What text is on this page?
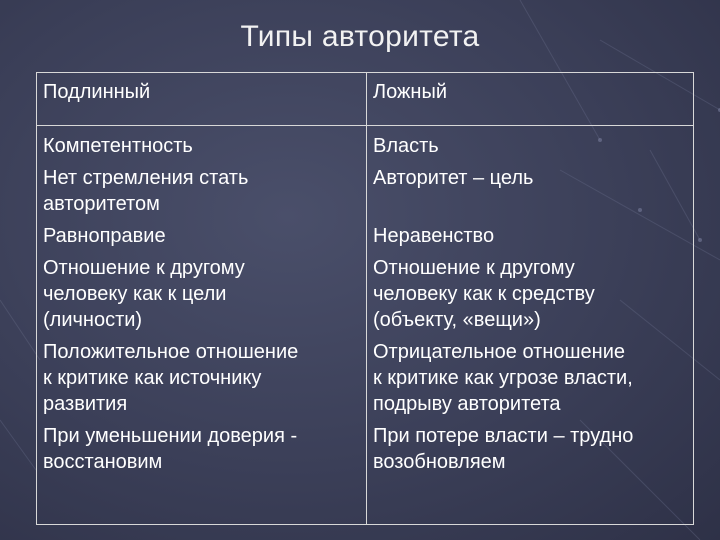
Типы авторитета
Подлинный	Ложный
Компетентность
Нет стремления стать
авторитетом
Равноправие
Отношение к другому
человеку как к цели
(личности)
Положительное отношение
к критике как источнику
развития
При уменьшении доверия -
восстановим
Власть
Авторитет – цель

Неравенство
Отношение к другому
человеку как к средству
(объекту, «вещи»)
Отрицательное отношение
к критике как угрозе власти,
подрыву авторитета
При потере власти – трудно
возобновляем
